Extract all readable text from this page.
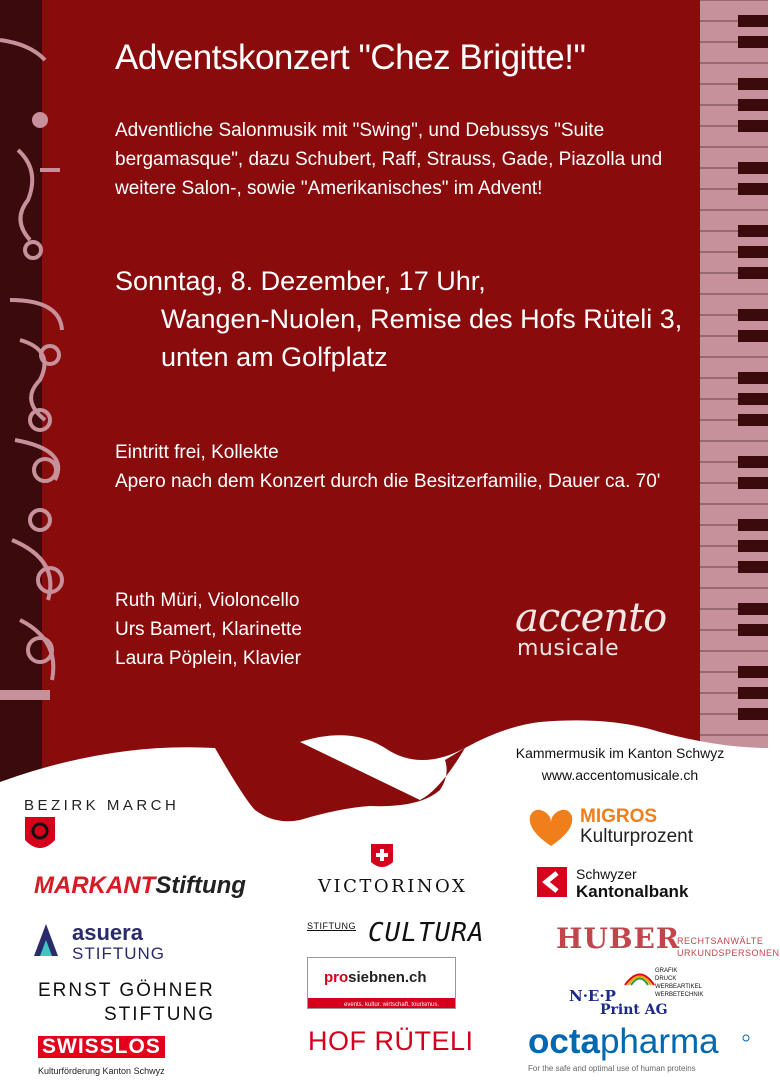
Adventskonzert "Chez Brigitte!"
Adventliche Salonmusik mit "Swing", und Debussys "Suite
bergamasque", dazu Schubert, Raff, Strauss, Gade, Piazolla und
weitere Salon-, sowie "Amerikanisches" im Advent!
Sonntag, 8. Dezember, 17 Uhr,
Wangen-Nuolen, Remise des Hofs Rüteli 3,
unten am Golfplatz
Eintritt frei, Kollekte
Apero nach dem Konzert durch die Besitzerfamilie, Dauer ca. 70'
Ruth Müri, Violoncello
Urs Bamert, Klarinette
Laura Pöplein, Klavier
accento
musicale
Kammermusik im Kanton Schwyz
www.accentomusicale.ch
BEZIRK MARCH
MARKANTStiftung
asuera
STIFTUNG
ERNST GÖHNER
STIFTUNG
SWISSLOS
Kulturförderung Kanton Schwyz
VICTORINOX
STIFTUNG CULTURA
prosiebnen.ch
events. kultur. wirtschaft. tourismus.
HOF RÜTELI
MIGROS
Kulturprozent
Schwyzer
Kantonalbank
HUBER
RECHTSANWÄLTE
URKUNDSPERSONEN
GRAFIK
DRUCK
WERBEARTIKEL
WERBETECHNIK
N·E·P
Print AG
octapharma
For the safe and optimal use of human proteins
